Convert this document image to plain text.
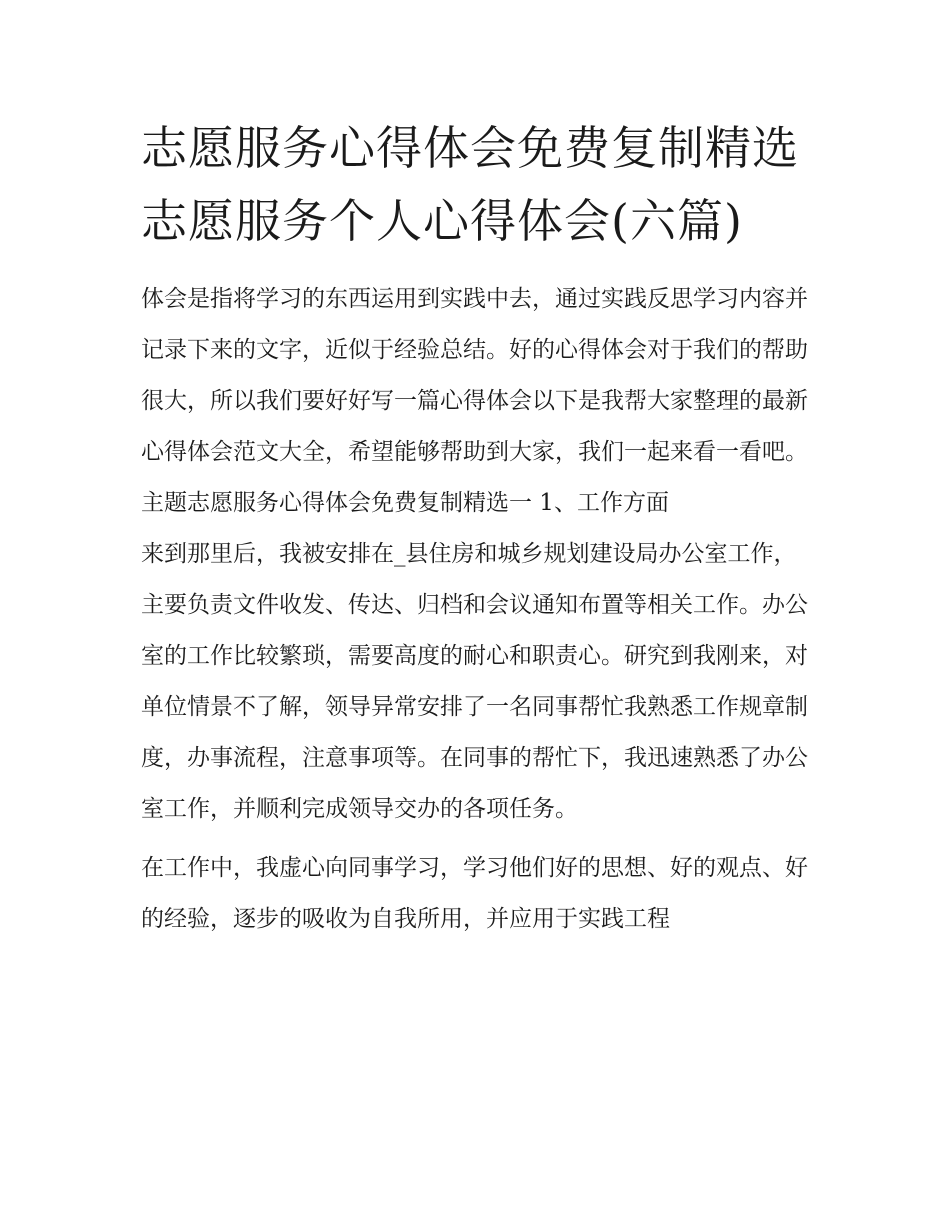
志愿服务心得体会免费复制精选 志愿服务个人心得体会(六篇)

体会是指将学习的东西运用到实践中去，通过实践反思学习内容并记录下来的文字，近似于经验总结。好的心得体会对于我们的帮助很大，所以我们要好好写一篇心得体会以下是我帮大家整理的最新心得体会范文大全，希望能够帮助到大家，我们一起来看一看吧。

主题志愿服务心得体会免费复制精选一 1、工作方面

来到那里后，我被安排在_县住房和城乡规划建设局办公室工作，主要负责文件收发、传达、归档和会议通知布置等相关工作。办公室的工作比较繁琐，需要高度的耐心和职责心。研究到我刚来，对单位情景不了解，领导异常安排了一名同事帮忙我熟悉工作规章制度，办事流程，注意事项等。在同事的帮忙下，我迅速熟悉了办公室工作，并顺利完成领导交办的各项任务。

在工作中，我虚心向同事学习，学习他们好的思想、好的观点、好的经验，逐步的吸收为自我所用，并应用于实践工程
